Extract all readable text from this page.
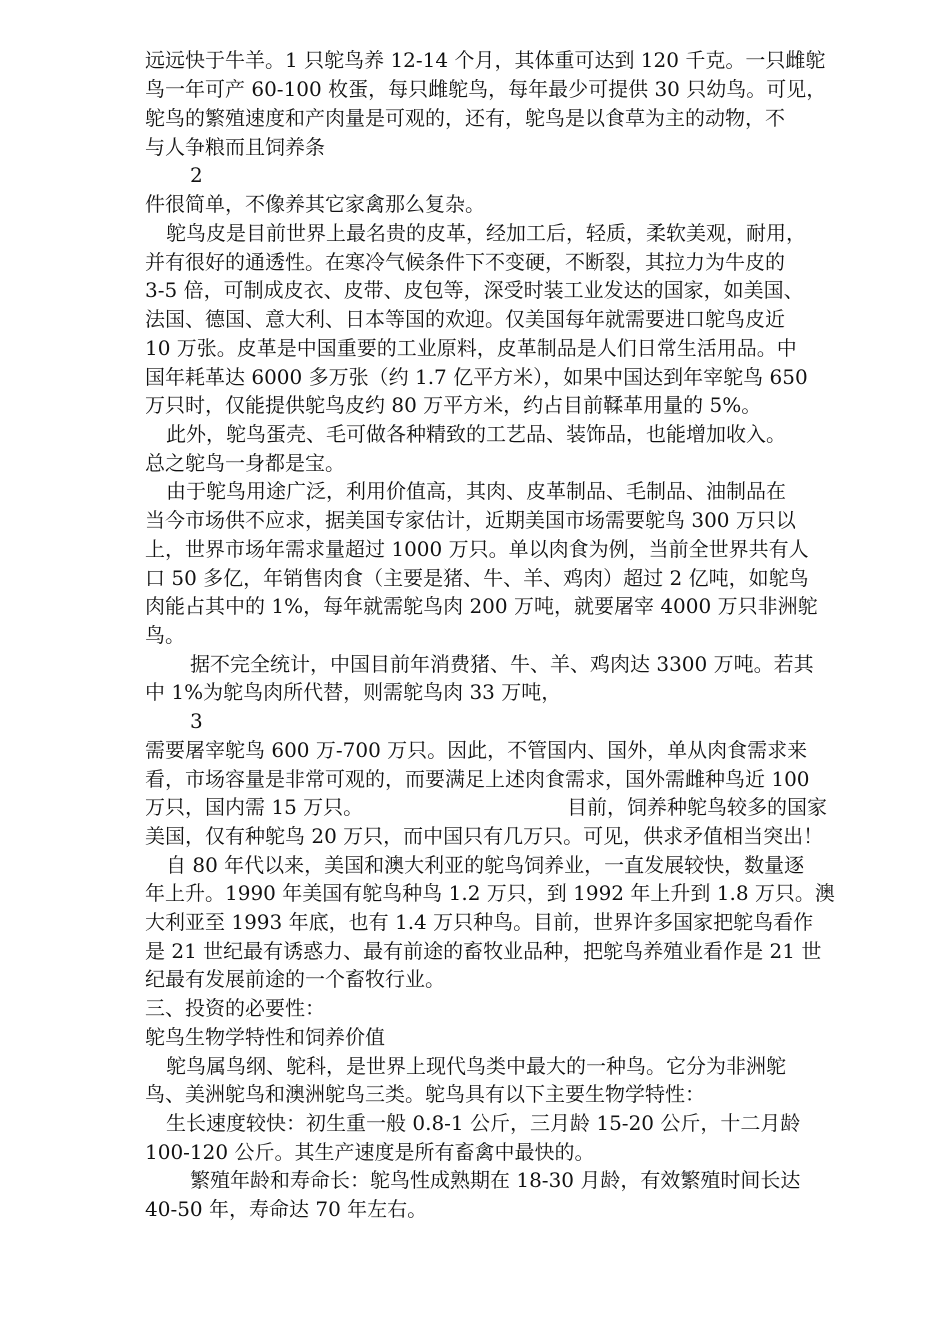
远远快于牛羊。1 只鸵鸟养 12-14 个月，其体重可达到 120 千克。一只雌鸵
鸟一年可产 60-100 枚蛋，每只雌鸵鸟，每年最少可提供 30 只幼鸟。可见，
鸵鸟的繁殖速度和产肉量是可观的，还有，鸵鸟是以食草为主的动物，不
与人争粮而且饲养条
2
件很简单，不像养其它家禽那么复杂。
鸵鸟皮是目前世界上最名贵的皮革，经加工后，轻质，柔软美观，耐用，
并有很好的通透性。在寒冷气候条件下不变硬，不断裂，其拉力为牛皮的
3-5 倍，可制成皮衣、皮带、皮包等，深受时装工业发达的国家，如美国、
法国、德国、意大利、日本等国的欢迎。仅美国每年就需要进口鸵鸟皮近
10 万张。皮革是中国重要的工业原料，皮革制品是人们日常生活用品。中
国年耗革达 6000 多万张（约 1.7 亿平方米），如果中国达到年宰鸵鸟 650
万只时，仅能提供鸵鸟皮约 80 万平方米，约占目前鞣革用量的 5%。
此外，鸵鸟蛋壳、毛可做各种精致的工艺品、装饰品，也能增加收入。
总之鸵鸟一身都是宝。
由于鸵鸟用途广泛，利用价值高，其肉、皮革制品、毛制品、油制品在
当今市场供不应求，据美国专家估计，近期美国市场需要鸵鸟 300 万只以
上，世界市场年需求量超过 1000 万只。单以肉食为例，当前全世界共有人
口 50 多亿，年销售肉食（主要是猪、牛、羊、鸡肉）超过 2 亿吨，如鸵鸟
肉能占其中的 1%，每年就需鸵鸟肉 200 万吨，就要屠宰 4000 万只非洲鸵
鸟。
据不完全统计，中国目前年消费猪、牛、羊、鸡肉达 3300 万吨。若其
中 1%为鸵鸟肉所代替，则需鸵鸟肉 33 万吨，
3
需要屠宰鸵鸟 600 万-700 万只。因此，不管国内、国外，单从肉食需求来
看，市场容量是非常可观的，而要满足上述肉食需求，国外需雌种鸟近 100
万只，国内需 15 万只。	目前，饲养种鸵鸟较多的国家
美国，仅有种鸵鸟 20 万只，而中国只有几万只。可见，供求矛值相当突出！
自 80 年代以来，美国和澳大利亚的鸵鸟饲养业，一直发展较快，数量逐
年上升。1990 年美国有鸵鸟种鸟 1.2 万只，到 1992 年上升到 1.8 万只。澳
大利亚至 1993 年底，也有 1.4 万只种鸟。目前，世界许多国家把鸵鸟看作
是 21 世纪最有诱惑力、最有前途的畜牧业品种，把鸵鸟养殖业看作是 21 世
纪最有发展前途的一个畜牧行业。
三、投资的必要性：
鸵鸟生物学特性和饲养价值
鸵鸟属鸟纲、鸵科，是世界上现代鸟类中最大的一种鸟。它分为非洲鸵
鸟、美洲鸵鸟和澳洲鸵鸟三类。鸵鸟具有以下主要生物学特性：
生长速度较快：初生重一般 0.8-1 公斤，三月龄 15-20 公斤，十二月龄
100-120 公斤。其生产速度是所有畜禽中最快的。
繁殖年龄和寿命长：鸵鸟性成熟期在 18-30 月龄，有效繁殖时间长达
40-50 年，寿命达 70 年左右。
